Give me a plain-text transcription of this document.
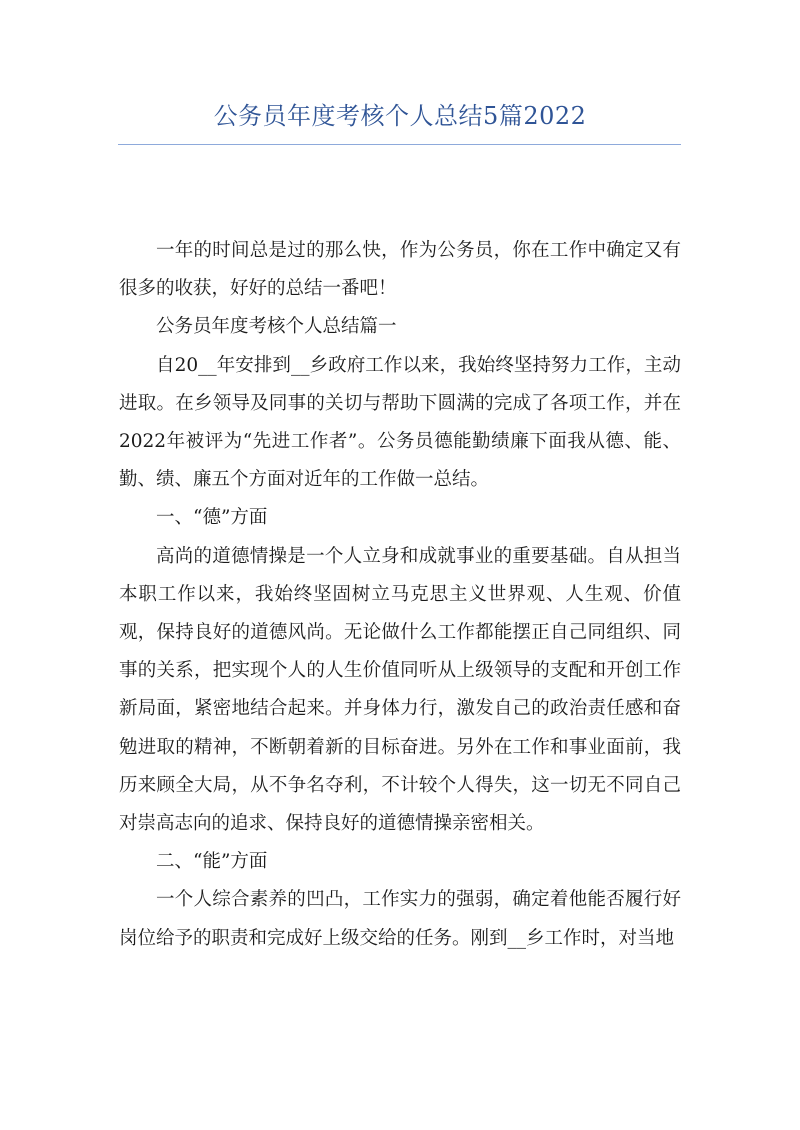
公务员年度考核个人总结5篇2022

一年的时间总是过的那么快，作为公务员，你在工作中确定又有很多的收获，好好的总结一番吧！

公务员年度考核个人总结篇一

自20__年安排到__乡政府工作以来，我始终坚持努力工作，主动进取。在乡领导及同事的关切与帮助下圆满的完成了各项工作，并在2022年被评为“先进工作者”。公务员德能勤绩廉下面我从德、能、勤、绩、廉五个方面对近年的工作做一总结。

一、“德”方面

高尚的道德情操是一个人立身和成就事业的重要基础。自从担当本职工作以来，我始终坚固树立马克思主义世界观、人生观、价值观，保持良好的道德风尚。无论做什么工作都能摆正自己同组织、同事的关系，把实现个人的人生价值同听从上级领导的支配和开创工作新局面，紧密地结合起来。并身体力行，激发自己的政治责任感和奋勉进取的精神，不断朝着新的目标奋进。另外在工作和事业面前，我历来顾全大局，从不争名夺利，不计较个人得失，这一切无不同自己对崇高志向的追求、保持良好的道德情操亲密相关。

二、“能”方面

一个人综合素养的凹凸，工作实力的强弱，确定着他能否履行好岗位给予的职责和完成好上级交给的任务。刚到__乡工作时，对当地
